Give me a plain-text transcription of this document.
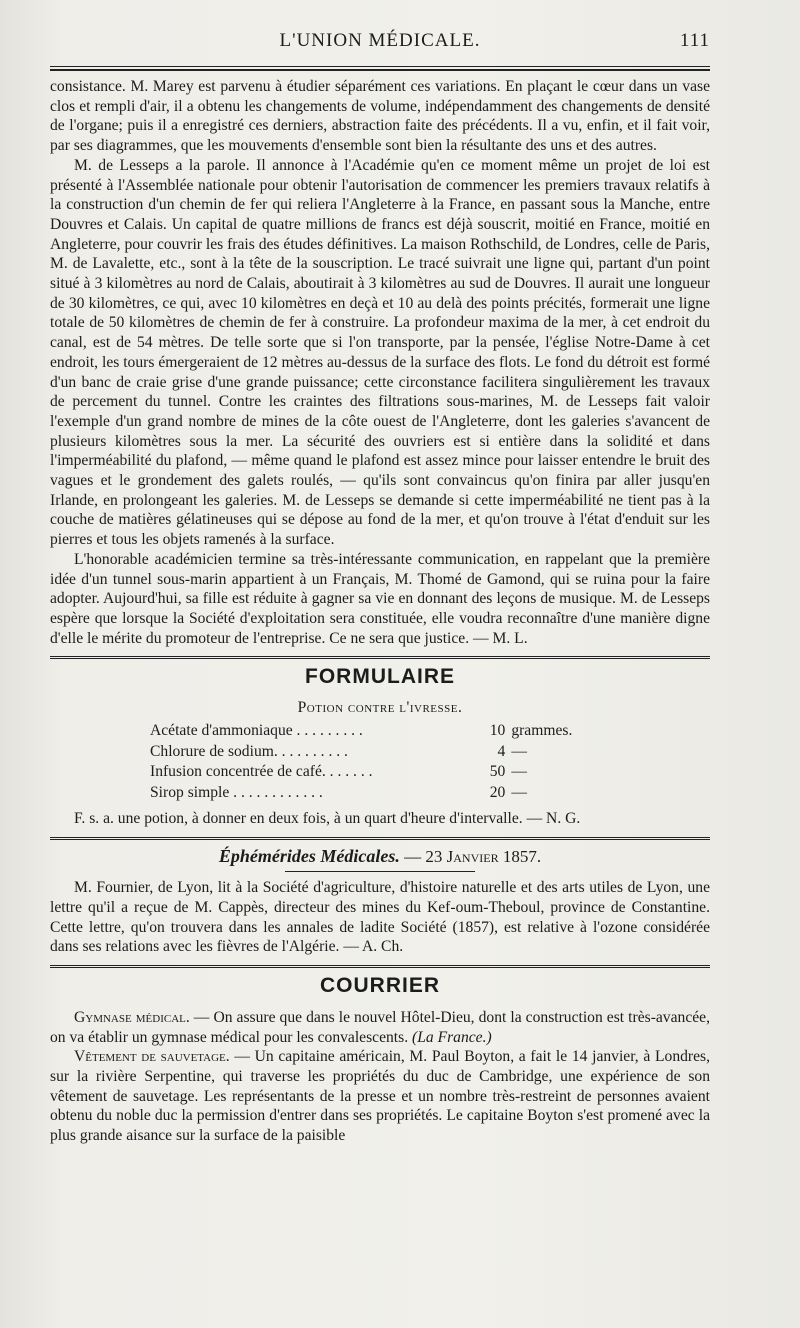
L'UNION MÉDICALE.	111

consistance. M. Marey est parvenu à étudier séparément ces variations. En plaçant le cœur dans un vase clos et rempli d'air, il a obtenu les changements de volume, indépendamment des changements de densité de l'organe; puis il a enregistré ces derniers, abstraction faite des précédents. Il a vu, enfin, et il fait voir, par ses diagrammes, que les mouvements d'ensemble sont bien la résultante des uns et des autres.

M. de Lesseps a la parole. Il annonce à l'Académie qu'en ce moment même un projet de loi est présenté à l'Assemblée nationale pour obtenir l'autorisation de commencer les premiers travaux relatifs à la construction d'un chemin de fer qui reliera l'Angleterre à la France, en passant sous la Manche, entre Douvres et Calais. Un capital de quatre millions de francs est déjà souscrit, moitié en France, moitié en Angleterre, pour couvrir les frais des études définitives. La maison Rothschild, de Londres, celle de Paris, M. de Lavalette, etc., sont à la tête de la souscription. Le tracé suivrait une ligne qui, partant d'un point situé à 3 kilomètres au nord de Calais, aboutirait à 3 kilomètres au sud de Douvres. Il aurait une longueur de 30 kilomètres, ce qui, avec 10 kilomètres en deçà et 10 au delà des points précités, formerait une ligne totale de 50 kilomètres de chemin de fer à construire. La profondeur maxima de la mer, à cet endroit du canal, est de 54 mètres. De telle sorte que si l'on transporte, par la pensée, l'église Notre-Dame à cet endroit, les tours émergeraient de 12 mètres au-dessus de la surface des flots. Le fond du détroit est formé d'un banc de craie grise d'une grande puissance; cette circonstance facilitera singulièrement les travaux de percement du tunnel. Contre les craintes des filtrations sous-marines, M. de Lesseps fait valoir l'exemple d'un grand nombre de mines de la côte ouest de l'Angleterre, dont les galeries s'avancent de plusieurs kilomètres sous la mer. La sécurité des ouvriers est si entière dans la solidité et dans l'imperméabilité du plafond, — même quand le plafond est assez mince pour laisser entendre le bruit des vagues et le grondement des galets roulés, — qu'ils sont convaincus qu'on finira par aller jusqu'en Irlande, en prolongeant les galeries. M. de Lesseps se demande si cette imperméabilité ne tient pas à la couche de matières gélatineuses qui se dépose au fond de la mer, et qu'on trouve à l'état d'enduit sur les pierres et tous les objets ramenés à la surface.

L'honorable académicien termine sa très-intéressante communication, en rappelant que la première idée d'un tunnel sous-marin appartient à un Français, M. Thomé de Gamond, qui se ruina pour la faire adopter. Aujourd'hui, sa fille est réduite à gagner sa vie en donnant des leçons de musique. M. de Lesseps espère que lorsque la Société d'exploitation sera constituée, elle voudra reconnaître d'une manière digne d'elle le mérite du promoteur de l'entreprise. Ce ne sera que justice. — M. L.

FORMULAIRE
Potion contre l'ivresse.
Acétate d'ammoniaque . . . . . . . . .	10 grammes.
Chlorure de sodium. . . . . . . . . .	4 —
Infusion concentrée de café. . . . . . .	50 —
Sirop simple . . . . . . . . . . . .	20 —

F. s. a. une potion, à donner en deux fois, à un quart d'heure d'intervalle. — N. G.

Éphémérides Médicales. — 23 Janvier 1857.

M. Fournier, de Lyon, lit à la Société d'agriculture, d'histoire naturelle et des arts utiles de Lyon, une lettre qu'il a reçue de M. Cappès, directeur des mines du Kef-oum-Theboul, province de Constantine. Cette lettre, qu'on trouvera dans les annales de ladite Société (1857), est relative à l'ozone considérée dans ses relations avec les fièvres de l'Algérie. — A. Ch.

COURRIER

Gymnase médical. — On assure que dans le nouvel Hôtel-Dieu, dont la construction est très-avancée, on va établir un gymnase médical pour les convalescents. (La France.)

Vêtement de sauvetage. — Un capitaine américain, M. Paul Boyton, a fait le 14 janvier, à Londres, sur la rivière Serpentine, qui traverse les propriétés du duc de Cambridge, une expérience de son vêtement de sauvetage. Les représentants de la presse et un nombre très-restreint de personnes avaient obtenu du noble duc la permission d'entrer dans ses propriétés. Le capitaine Boyton s'est promené avec la plus grande aisance sur la surface de la paisible
